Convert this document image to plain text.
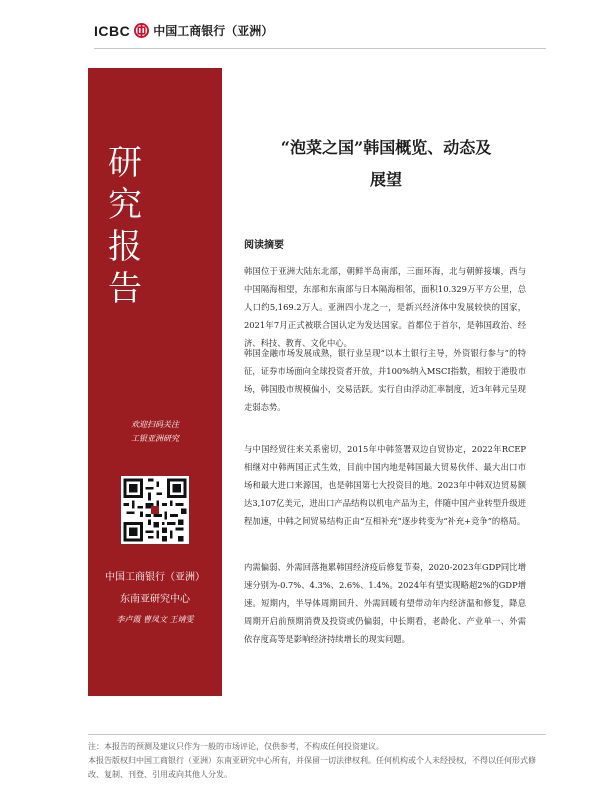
ICBC 中国工商银行（亚洲）
研
究
报
告
欢迎扫码关注
工银亚洲研究
中国工商银行（亚洲）
东南亚研究中心
李卢霞 曹凤文 王靖雯
“泡菜之国”韩国概览、动态及
展望
阅读摘要
韩国位于亚洲大陆东北部，朝鲜半岛南部，三面环海，北与朝鲜接壤，西与中国隔海相望，东部和东南部与日本隔海相邻，面积10.329万平方公里，总人口约5,169.2万人。亚洲四小龙之一，是新兴经济体中发展较快的国家，2021年7月正式被联合国认定为发达国家。首都位于首尔，是韩国政治、经济、科技、教育、文化中心。
韩国金融市场发展成熟，银行业呈现“以本土银行主导，外资银行参与”的特征，证券市场面向全球投资者开放，并100%纳入MSCI指数，相较于港股市场，韩国股市规模偏小，交易活跃。实行自由浮动汇率制度，近3年韩元呈现走弱态势。
与中国经贸往来关系密切，2015年中韩签署双边自贸协定，2022年RCEP相继对中韩两国正式生效，目前中国内地是韩国最大贸易伙伴、最大出口市场和最大进口来源国，也是韩国第七大投资目的地。2023年中韩双边贸易额达3,107亿美元，进出口产品结构以机电产品为主，伴随中国产业转型升级进程加速，中韩之间贸易结构正由“互相补充”逐步转变为“补充+竞争”的格局。
内需偏弱、外需回落拖累韩国经济疫后修复节奏，2020-2023年GDP同比增速分别为-0.7%、4.3%、2.6%、1.4%。2024年有望实现略超2%的GDP增速。短期内，半导体周期回升、外需回暖有望带动年内经济温和修复，降息周期开启前预期消费及投资或仍偏弱，中长期看，老龄化、产业单一、外需依存度高等是影响经济持续增长的现实问题。
注：本报告的预测及建议只作为一般的市场评论，仅供参考，不构成任何投资建议。
本报告版权归中国工商银行（亚洲）东南亚研究中心所有，并保留一切法律权利。任何机构或个人未经授权，不得以任何形式修改、复制、刊登、引用或向其他人分发。
